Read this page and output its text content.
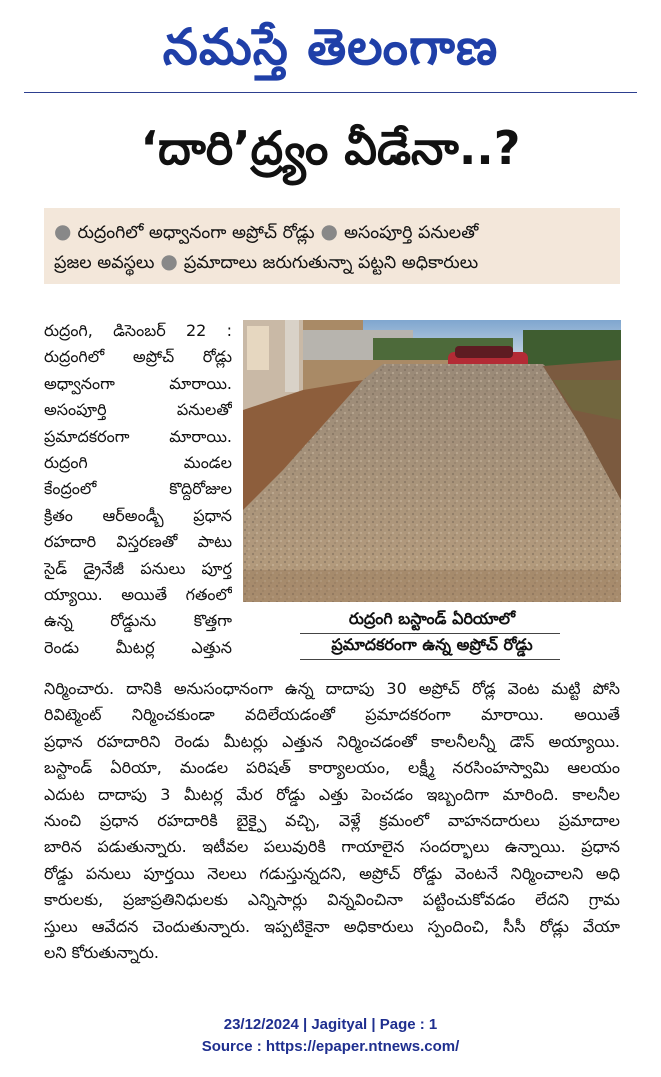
నమస్తే తెలంగాణ
‘దారి’ద్ర్యం వీడేనా..?
● రుద్రంగిలో అధ్వానంగా అప్రోచ్ రోడ్లు ● అసంపూర్తి పనులతో
ప్రజల అవస్థలు ● ప్రమాదాలు జరుగుతున్నా పట్టని అధికారులు
రుద్రంగి, డిసెంబర్ 22 :
రుద్రంగిలో అప్రోచ్ రోడ్లు
అధ్వానంగా మారాయి.
అసంపూర్తి పనులతో
ప్రమాదకరంగా మారాయి.
రుద్రంగి మండల
కేంద్రంలో కొద్దిరోజుల
క్రితం ఆర్అండ్బీ ప్రధాన
రహదారి విస్తరణతో పాటు
సైడ్ డ్రైనేజీ పనులు పూర్త
య్యాయి. అయితే గతంలో
ఉన్న రోడ్డును కొత్తగా
రెండు మీటర్ల ఎత్తున
రుద్రంగి బస్టాండ్ ఏరియాలో
ప్రమాదకరంగా ఉన్న అప్రోచ్ రోడ్డు
నిర్మించారు. దానికి అనుసంధానంగా ఉన్న దాదాపు 30 అప్రోచ్ రోడ్ల వెంట మట్టి పోసి
రివిట్మెంట్ నిర్మించకుండా వదిలేయడంతో ప్రమాదకరంగా మారాయి. అయితే
ప్రధాన రహదారిని రెండు మీటర్లు ఎత్తున నిర్మించడంతో కాలనీలన్నీ డౌన్ అయ్యాయి.
బస్టాండ్ ఏరియా, మండల పరిషత్ కార్యాలయం, లక్ష్మీ నరసింహస్వామి ఆలయం
ఎదుట దాదాపు 3 మీటర్ల మేర రోడ్డు ఎత్తు పెంచడం ఇబ్బందిగా మారింది. కాలనీల
నుంచి ప్రధాన రహదారికి బైక్పై వచ్చి, వెళ్లే క్రమంలో వాహనదారులు ప్రమాదాల
బారిన పడుతున్నారు. ఇటీవల పలువురికి గాయాలైన సందర్భాలు ఉన్నాయి. ప్రధాన
రోడ్డు పనులు పూర్తయి నెలలు గడుస్తున్నదని, అప్రోచ్ రోడ్డు వెంటనే నిర్మించాలని అధి
కారులకు, ప్రజాప్రతినిధులకు ఎన్నిసార్లు విన్నవించినా పట్టించుకోవడం లేదని గ్రామ
స్తులు ఆవేదన చెందుతున్నారు. ఇప్పటికైనా అధికారులు స్పందించి, సీసీ రోడ్లు వేయా
లని కోరుతున్నారు.
23/12/2024 | Jagityal | Page : 1
Source : https://epaper.ntnews.com/
